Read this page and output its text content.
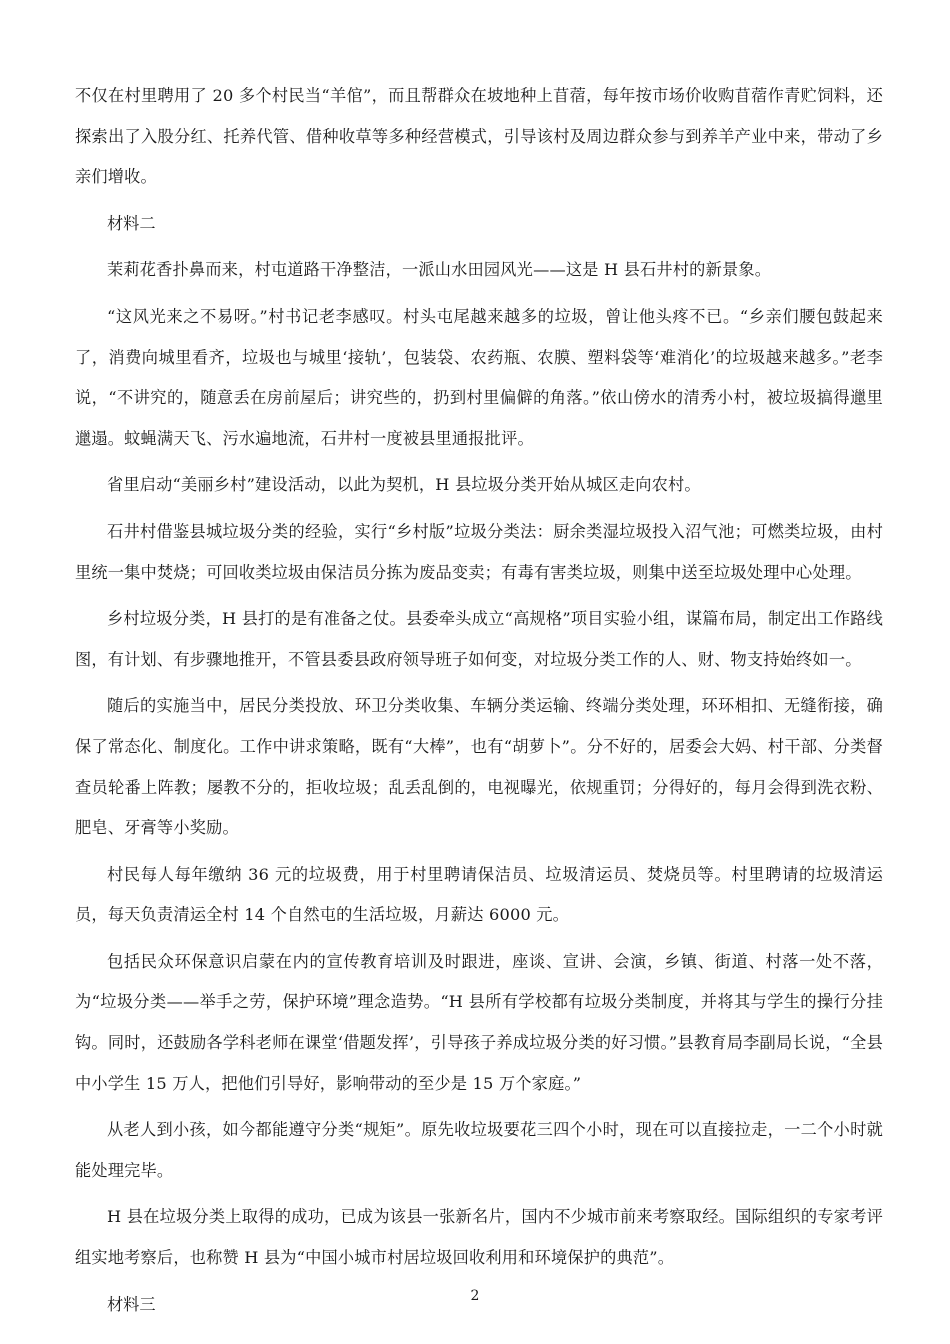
不仅在村里聘用了 20 多个村民当“羊倌”，而且帮群众在坡地种上苜蓿，每年按市场价收购苜蓿作青贮饲料，还探索出了入股分红、托养代管、借种收草等多种经营模式，引导该村及周边群众参与到养羊产业中来，带动了乡亲们增收。

材料二

茉莉花香扑鼻而来，村屯道路干净整洁，一派山水田园风光——这是 H 县石井村的新景象。

“这风光来之不易呀。”村书记老李感叹。村头屯尾越来越多的垃圾，曾让他头疼不已。“乡亲们腰包鼓起来了，消费向城里看齐，垃圾也与城里‘接轨’，包装袋、农药瓶、农膜、塑料袋等‘难消化’的垃圾越来越多。”老李说，“不讲究的，随意丢在房前屋后；讲究些的，扔到村里偏僻的角落。”依山傍水的清秀小村，被垃圾搞得邋里邋遢。蚊蝇满天飞、污水遍地流，石井村一度被县里通报批评。

省里启动“美丽乡村”建设活动，以此为契机，H 县垃圾分类开始从城区走向农村。

石井村借鉴县城垃圾分类的经验，实行“乡村版”垃圾分类法：厨余类湿垃圾投入沼气池；可燃类垃圾，由村里统一集中焚烧；可回收类垃圾由保洁员分拣为废品变卖；有毒有害类垃圾，则集中送至垃圾处理中心处理。

乡村垃圾分类，H 县打的是有准备之仗。县委牵头成立“高规格”项目实验小组，谋篇布局，制定出工作路线图，有计划、有步骤地推开，不管县委县政府领导班子如何变，对垃圾分类工作的人、财、物支持始终如一。

随后的实施当中，居民分类投放、环卫分类收集、车辆分类运输、终端分类处理，环环相扣、无缝衔接，确保了常态化、制度化。工作中讲求策略，既有“大棒”，也有“胡萝卜”。分不好的，居委会大妈、村干部、分类督查员轮番上阵教；屡教不分的，拒收垃圾；乱丢乱倒的，电视曝光，依规重罚；分得好的，每月会得到洗衣粉、肥皂、牙膏等小奖励。

村民每人每年缴纳 36 元的垃圾费，用于村里聘请保洁员、垃圾清运员、焚烧员等。村里聘请的垃圾清运员，每天负责清运全村 14 个自然屯的生活垃圾，月薪达 6000 元。

包括民众环保意识启蒙在内的宣传教育培训及时跟进，座谈、宣讲、会演，乡镇、街道、村落一处不落，为“垃圾分类——举手之劳，保护环境”理念造势。“H 县所有学校都有垃圾分类制度，并将其与学生的操行分挂钩。同时，还鼓励各学科老师在课堂‘借题发挥’，引导孩子养成垃圾分类的好习惯。”县教育局李副局长说，“全县中小学生 15 万人，把他们引导好，影响带动的至少是 15 万个家庭。”

从老人到小孩，如今都能遵守分类“规矩”。原先收垃圾要花三四个小时，现在可以直接拉走，一二个小时就能处理完毕。

H 县在垃圾分类上取得的成功，已成为该县一张新名片，国内不少城市前来考察取经。国际组织的专家考评组实地考察后，也称赞 H 县为“中国小城市村居垃圾回收利用和环境保护的典范”。

材料三	2
